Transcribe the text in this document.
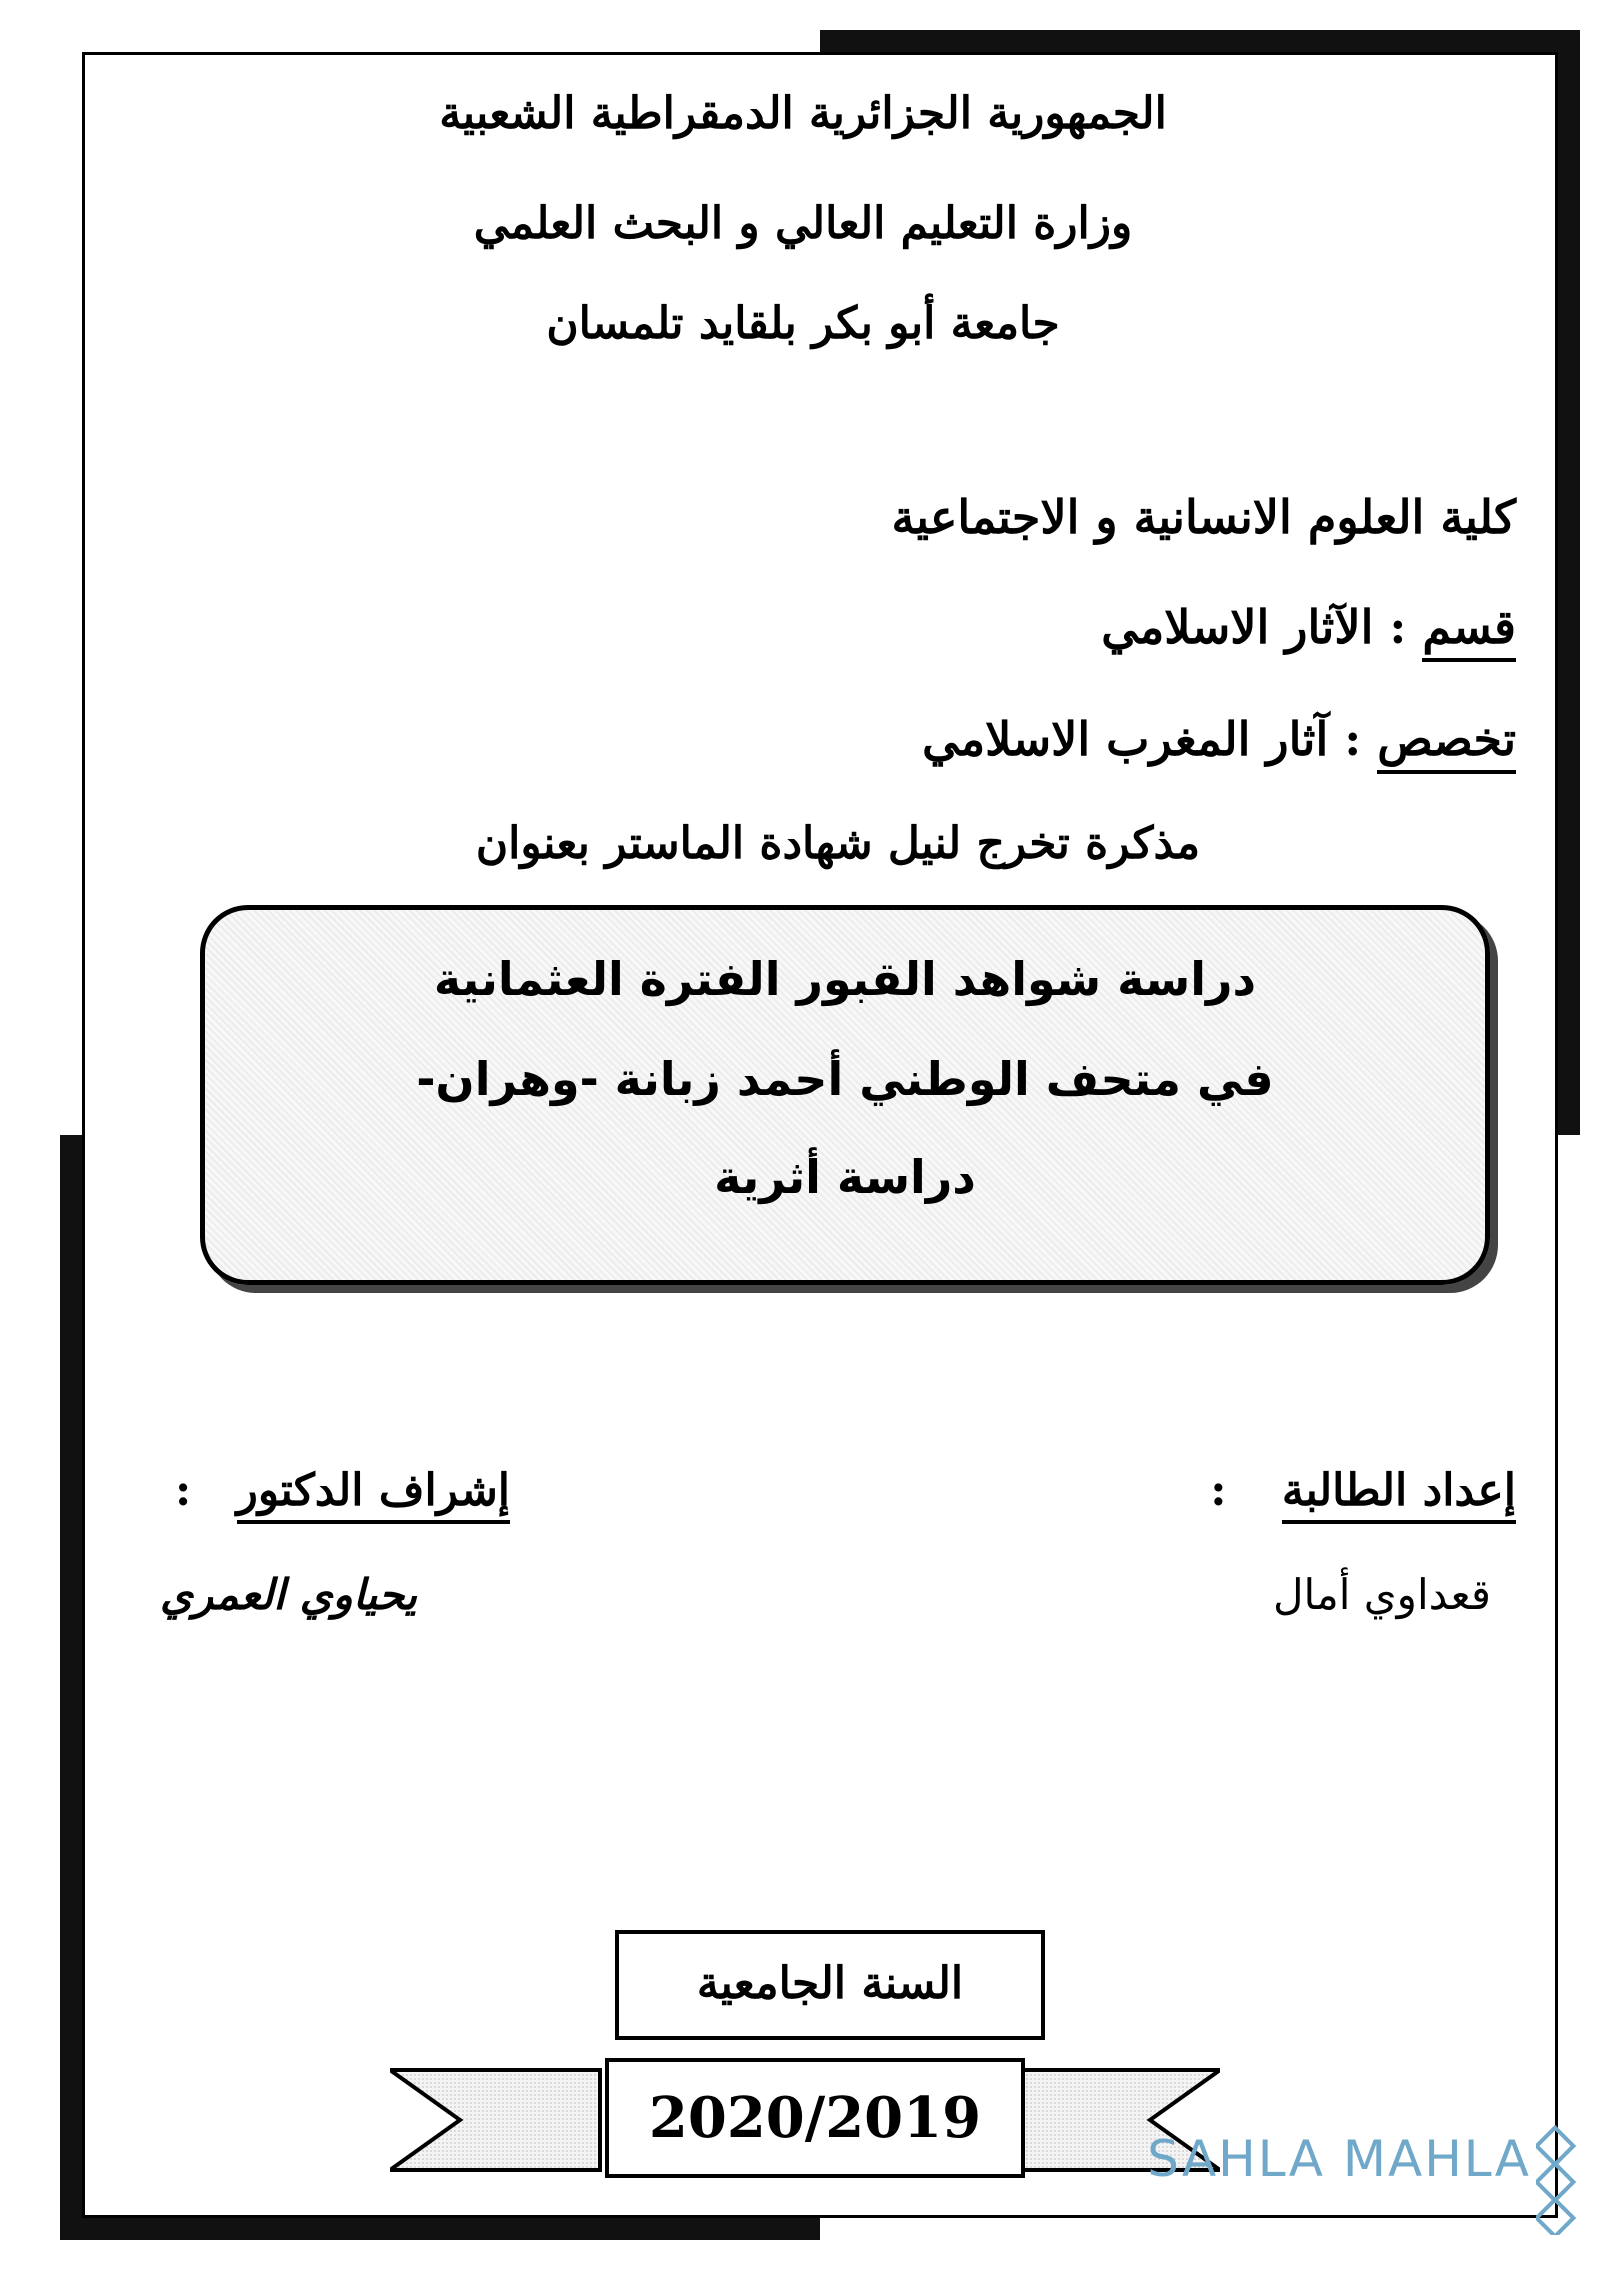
الجمهورية الجزائرية الدمقراطية الشعبية
وزارة التعليم العالي و البحث العلمي
جامعة أبو بكر بلقايد تلمسان
كلية العلوم الانسانية و الاجتماعية
قسم : الآثار الاسلامي
تخصص : آثار المغرب الاسلامي
مذكرة تخرج لنيل شهادة الماستر بعنوان
دراسة شواهد القبور الفترة العثمانية
في متحف الوطني أحمد زبانة -وهران-
دراسة أثرية
إعداد الطالبة :
قعداوي أمال
إشراف الدكتور :
يحياوي العمري
السنة الجامعية
2020/2019
SAHLA MAHLA
